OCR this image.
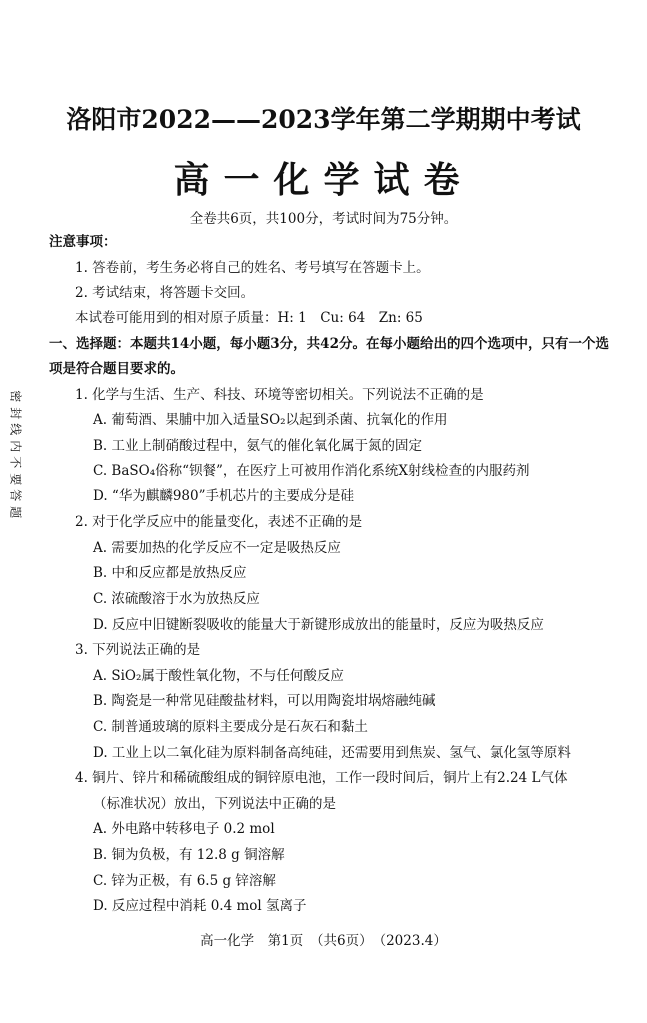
洛阳市2022——2023学年第二学期期中考试
高一化学试卷
全卷共6页，共100分，考试时间为75分钟。
注意事项：
1. 答卷前，考生务必将自己的姓名、考号填写在答题卡上。
2. 考试结束，将答题卡交回。
本试卷可能用到的相对原子质量：H: 1　Cu: 64　Zn: 65
一、选择题：本题共14小题，每小题3分，共42分。在每小题给出的四个选项中，只有一个选
项是符合题目要求的。
1. 化学与生活、生产、科技、环境等密切相关。下列说法不正确的是
A. 葡萄酒、果脯中加入适量SO₂以起到杀菌、抗氧化的作用
B. 工业上制硝酸过程中，氨气的催化氧化属于氮的固定
C. BaSO₄俗称“钡餐”，在医疗上可被用作消化系统X射线检查的内服药剂
D. “华为麒麟980”手机芯片的主要成分是硅
2. 对于化学反应中的能量变化，表述不正确的是
A. 需要加热的化学反应不一定是吸热反应
B. 中和反应都是放热反应
C. 浓硫酸溶于水为放热反应
D. 反应中旧键断裂吸收的能量大于新键形成放出的能量时，反应为吸热反应
3. 下列说法正确的是
A. SiO₂属于酸性氧化物，不与任何酸反应
B. 陶瓷是一种常见硅酸盐材料，可以用陶瓷坩埚熔融纯碱
C. 制普通玻璃的原料主要成分是石灰石和黏土
D. 工业上以二氧化硅为原料制备高纯硅，还需要用到焦炭、氢气、氯化氢等原料
4. 铜片、锌片和稀硫酸组成的铜锌原电池，工作一段时间后，铜片上有2.24 L气体
（标准状况）放出，下列说法中正确的是
A. 外电路中转移电子 0.2 mol
B. 铜为负极，有 12.8 g 铜溶解
C. 锌为正极，有 6.5 g 锌溶解
D. 反应过程中消耗 0.4 mol 氢离子
高一化学　第1页　（共6页）　（2023.4）
密
封
线
内
不
要
答
题
